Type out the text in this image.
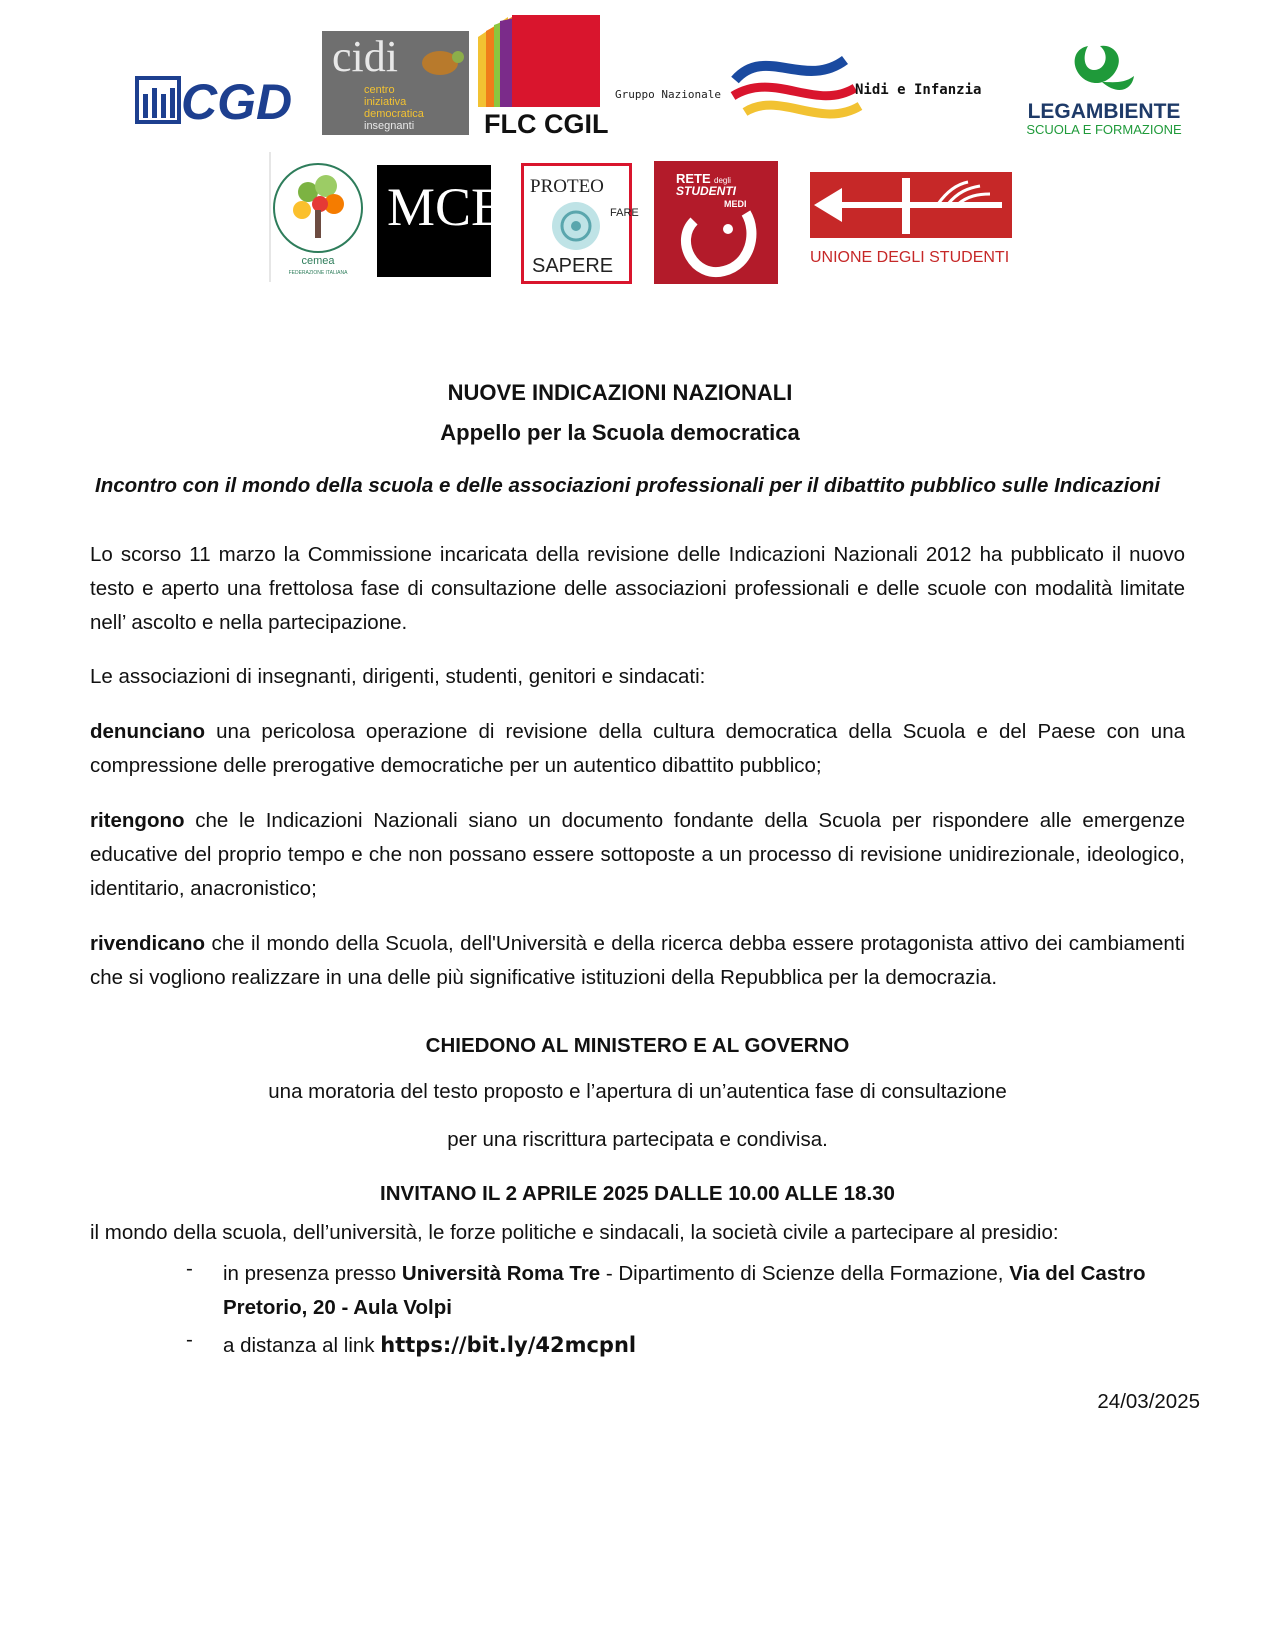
CGD
cidi
centro
iniziativa
democratica
insegnanti	FLC CGIL
Gruppo Nazionale	Nidi e Infanzia
LEGAMBIENTE
SCUOLA E FORMAZIONE
cemea
FEDERAZIONE ITALIANA
MCE PROTEO
FARE
SAPERE
RETE degli
STUDENTI
MEDI
UNIONE DEGLI STUDENTI
NUOVE INDICAZIONI NAZIONALI
Appello per la Scuola democratica
Incontro con il mondo della scuola e delle associazioni professionali per il dibattito pubblico sulle Indicazioni

Lo scorso 11 marzo la Commissione incaricata della revisione delle Indicazioni Nazionali 2012 ha pubblicato il nuovo testo e aperto una frettolosa fase di consultazione delle associazioni professionali e delle scuole con modalità limitate nell’ ascolto e nella partecipazione.

Le associazioni di insegnanti, dirigenti, studenti, genitori e sindacati:

denunciano una pericolosa operazione di revisione della cultura democratica della Scuola e del Paese con una compressione delle prerogative democratiche per un autentico dibattito pubblico;

ritengono che le Indicazioni Nazionali siano un documento fondante della Scuola per rispondere alle emergenze educative del proprio tempo e che non possano essere sottoposte a un processo di revisione unidirezionale, ideologico, identitario, anacronistico;

rivendicano che il mondo della Scuola, dell'Università e della ricerca debba essere protagonista attivo dei cambiamenti che si vogliono realizzare in una delle più significative istituzioni della Repubblica per la democrazia.

CHIEDONO AL MINISTERO E AL GOVERNO
una moratoria del testo proposto e l’apertura di un’autentica fase di consultazione
per una riscrittura partecipata e condivisa.
INVITANO IL 2 APRILE 2025 DALLE 10.00 ALLE 18.30
il mondo della scuola, dell’università, le forze politiche e sindacali, la società civile a partecipare al presidio:
- in presenza presso Università Roma Tre - Dipartimento di Scienze della Formazione, Via del Castro Pretorio, 20 - Aula Volpi
- a distanza al link https://bit.ly/42mcpnl
24/03/2025
